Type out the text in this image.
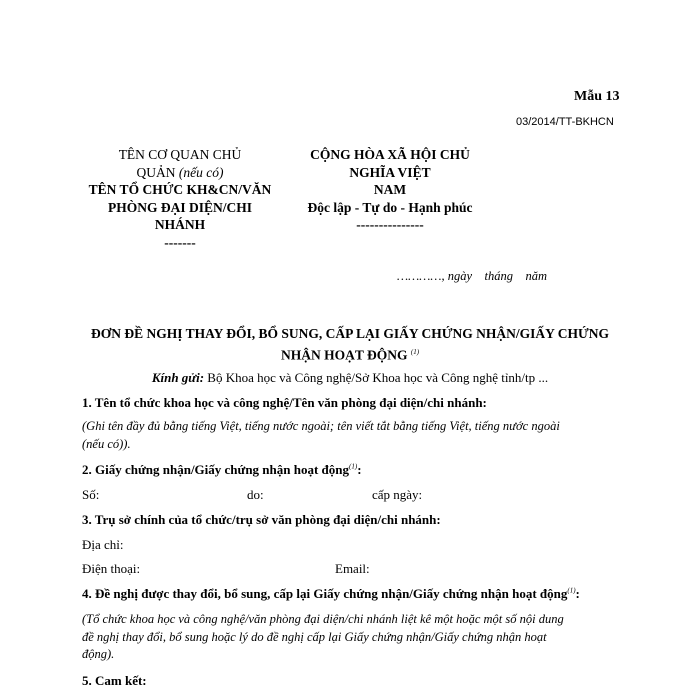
Mẫu 13
03/2014/TT-BKHCN
TÊN CƠ QUAN CHỦ
QUẢN (nếu có)
TÊN TỔ CHỨC KH&CN/VĂN
PHÒNG ĐẠI DIỆN/CHI
NHÁNH
-------
CỘNG HÒA XÃ HỘI CHỦ NGHĨA VIỆT
NAM
Độc lập - Tự do - Hạnh phúc
---------------
…………, ngày    tháng    năm
ĐƠN ĐỀ NGHỊ THAY ĐỔI, BỔ SUNG, CẤP LẠI GIẤY CHỨNG NHẬN/GIẤY CHỨNG
NHẬN HOẠT ĐỘNG $^{(1)}$
Kính gửi: Bộ Khoa học và Công nghệ/Sở Khoa học và Công nghệ tỉnh/tp ...
1. Tên tổ chức khoa học và công nghệ/Tên văn phòng đại diện/chi nhánh:
(Ghi tên đầy đủ bằng tiếng Việt, tiếng nước ngoài; tên viết tắt bằng tiếng Việt, tiếng nước ngoài
(nếu có)).
2. Giấy chứng nhận/Giấy chứng nhận hoạt động$^{(1)}$:
Số:	do:	cấp ngày:
3. Trụ sở chính của tổ chức/trụ sở văn phòng đại diện/chi nhánh:
Địa chỉ:
Điện thoại:	Email:
4. Đề nghị được thay đổi, bổ sung, cấp lại Giấy chứng nhận/Giấy chứng nhận hoạt động$^{(1)}$:
(Tổ chức khoa học và công nghệ/văn phòng đại diện/chi nhánh liệt kê một hoặc một số nội dung
đề nghị thay đổi, bổ sung hoặc lý do đề nghị cấp lại Giấy chứng nhận/Giấy chứng nhận hoạt
động).
5. Cam kết:
